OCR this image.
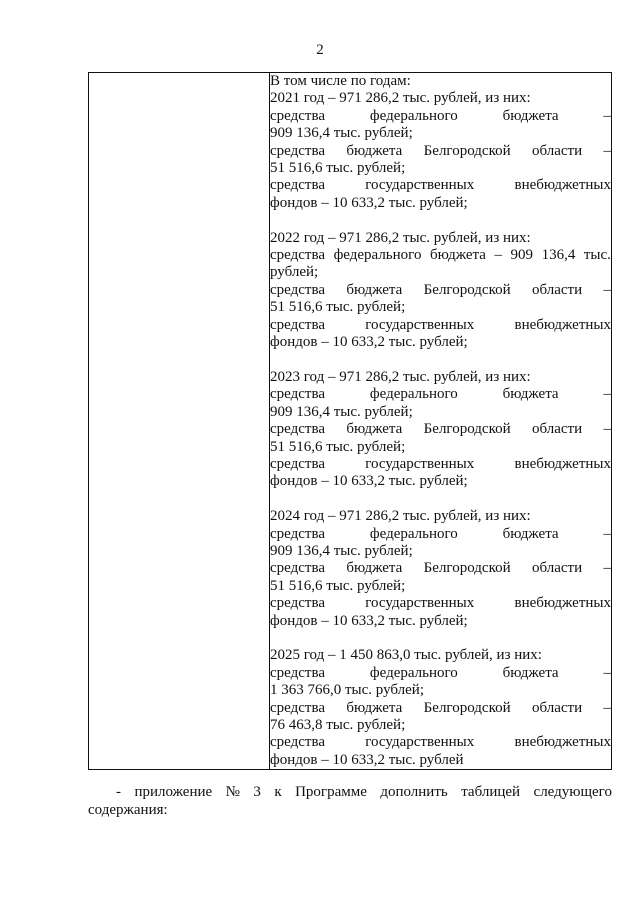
2

В том числе по годам:
2021 год – 971 286,2 тыс. рублей, из них:
средства	федерального	бюджета	–
909 136,4 тыс. рублей;
средства бюджета Белгородской области –
51 516,6 тыс. рублей;
средства	государственных	внебюджетных
фондов – 10 633,2 тыс. рублей;
2022 год – 971 286,2 тыс. рублей, из них:
средства федерального бюджета – 909 136,4 тыс.
рублей;
средства бюджета Белгородской области –
51 516,6 тыс. рублей;
средства	государственных	внебюджетных
фондов – 10 633,2 тыс. рублей;
2023 год – 971 286,2 тыс. рублей, из них:
средства	федерального	бюджета	–
909 136,4 тыс. рублей;
средства бюджета Белгородской области –
51 516,6 тыс. рублей;
средства	государственных	внебюджетных
фондов – 10 633,2 тыс. рублей;
2024 год – 971 286,2 тыс. рублей, из них:
средства	федерального	бюджета	–
909 136,4 тыс. рублей;
средства бюджета Белгородской области –
51 516,6 тыс. рублей;
средства	государственных	внебюджетных
фондов – 10 633,2 тыс. рублей;
2025 год – 1 450 863,0 тыс. рублей, из них:
средства	федерального	бюджета	–
1 363 766,0 тыс. рублей;
средства бюджета Белгородской области –
76 463,8 тыс. рублей;
средства	государственных	внебюджетных
фондов – 10 633,2 тыс. рублей
- приложение № 3 к Программе дополнить таблицей следующего
содержания:
